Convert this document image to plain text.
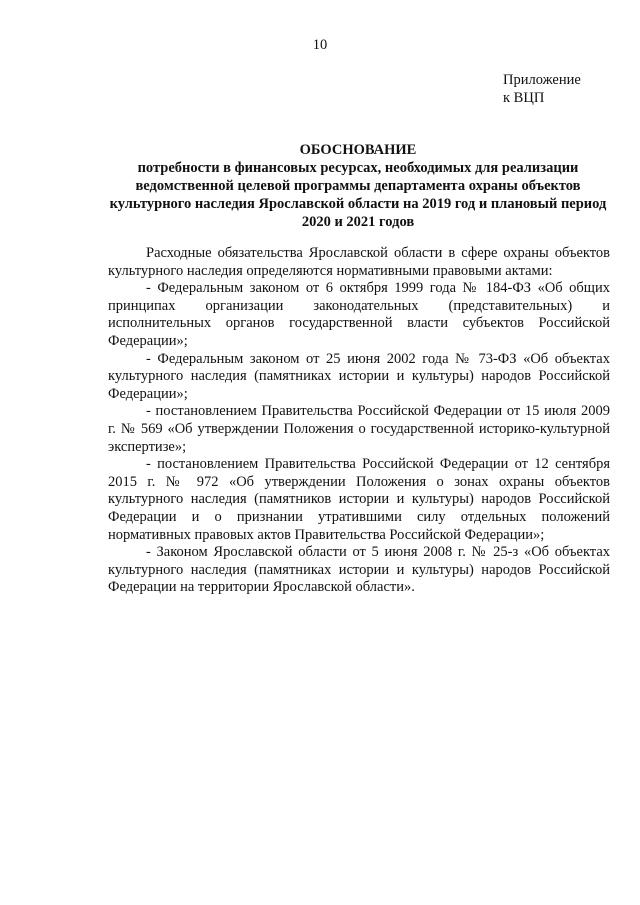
10
Приложение
к ВЦП
ОБОСНОВАНИЕ
потребности в финансовых ресурсах, необходимых для реализации ведомственной целевой программы департамента охраны объектов культурного наследия Ярославской области на 2019 год и плановый период 2020 и 2021 годов

Расходные обязательства Ярославской области в сфере охраны объектов культурного наследия определяются нормативными правовыми актами:

- Федеральным законом от 6 октября 1999 года № 184-ФЗ «Об общих принципах организации законодательных (представительных) и исполнительных органов государственной власти субъектов Российской Федерации»;

- Федеральным законом от 25 июня 2002 года № 73-ФЗ «Об объектах культурного наследия (памятниках истории и культуры) народов Российской Федерации»;

- постановлением Правительства Российской Федерации от 15 июля 2009 г. № 569 «Об утверждении Положения о государственной историко-культурной экспертизе»;

- постановлением Правительства Российской Федерации от 12 сентября 2015 г. № 972 «Об утверждении Положения о зонах охраны объектов культурного наследия (памятников истории и культуры) народов Российской Федерации и о признании утратившими силу отдельных положений нормативных правовых актов Правительства Российской Федерации»;

- Законом Ярославской области от 5 июня 2008 г. № 25-з «Об объектах культурного наследия (памятниках истории и культуры) народов Российской Федерации на территории Ярославской области».
